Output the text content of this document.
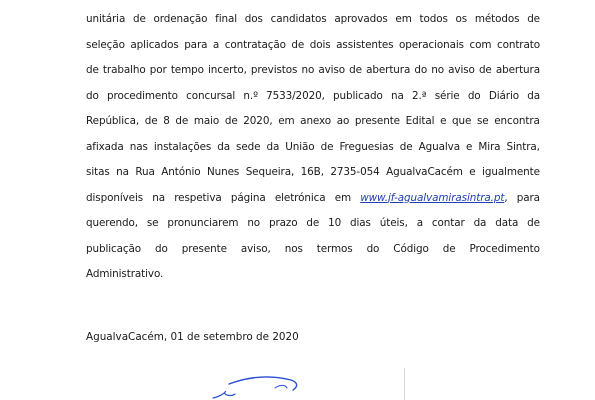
unitária de ordenação final dos candidatos aprovados em todos os métodos de
seleção aplicados para a contratação de dois assistentes operacionais com contrato
de trabalho por tempo incerto, previstos no aviso de abertura do no aviso de abertura
do procedimento concursal n.º 7533/2020, publicado na 2.ª série do Diário da
República, de 8 de maio de 2020, em anexo ao presente Edital e que se encontra
afixada nas instalações da sede da União de Freguesias de Agualva e Mira Sintra,
sitas na Rua António Nunes Sequeira, 16B, 2735-054 AgualvaCacém e igualmente
disponíveis na respetiva página eletrónica em www.jf-agualvamirasintra.pt, para
querendo, se pronunciarem no prazo de 10 dias úteis, a contar da data de
publicação do presente aviso, nos termos do Código de Procedimento
Administrativo.

AgualvaCacém, 01 de setembro de 2020
